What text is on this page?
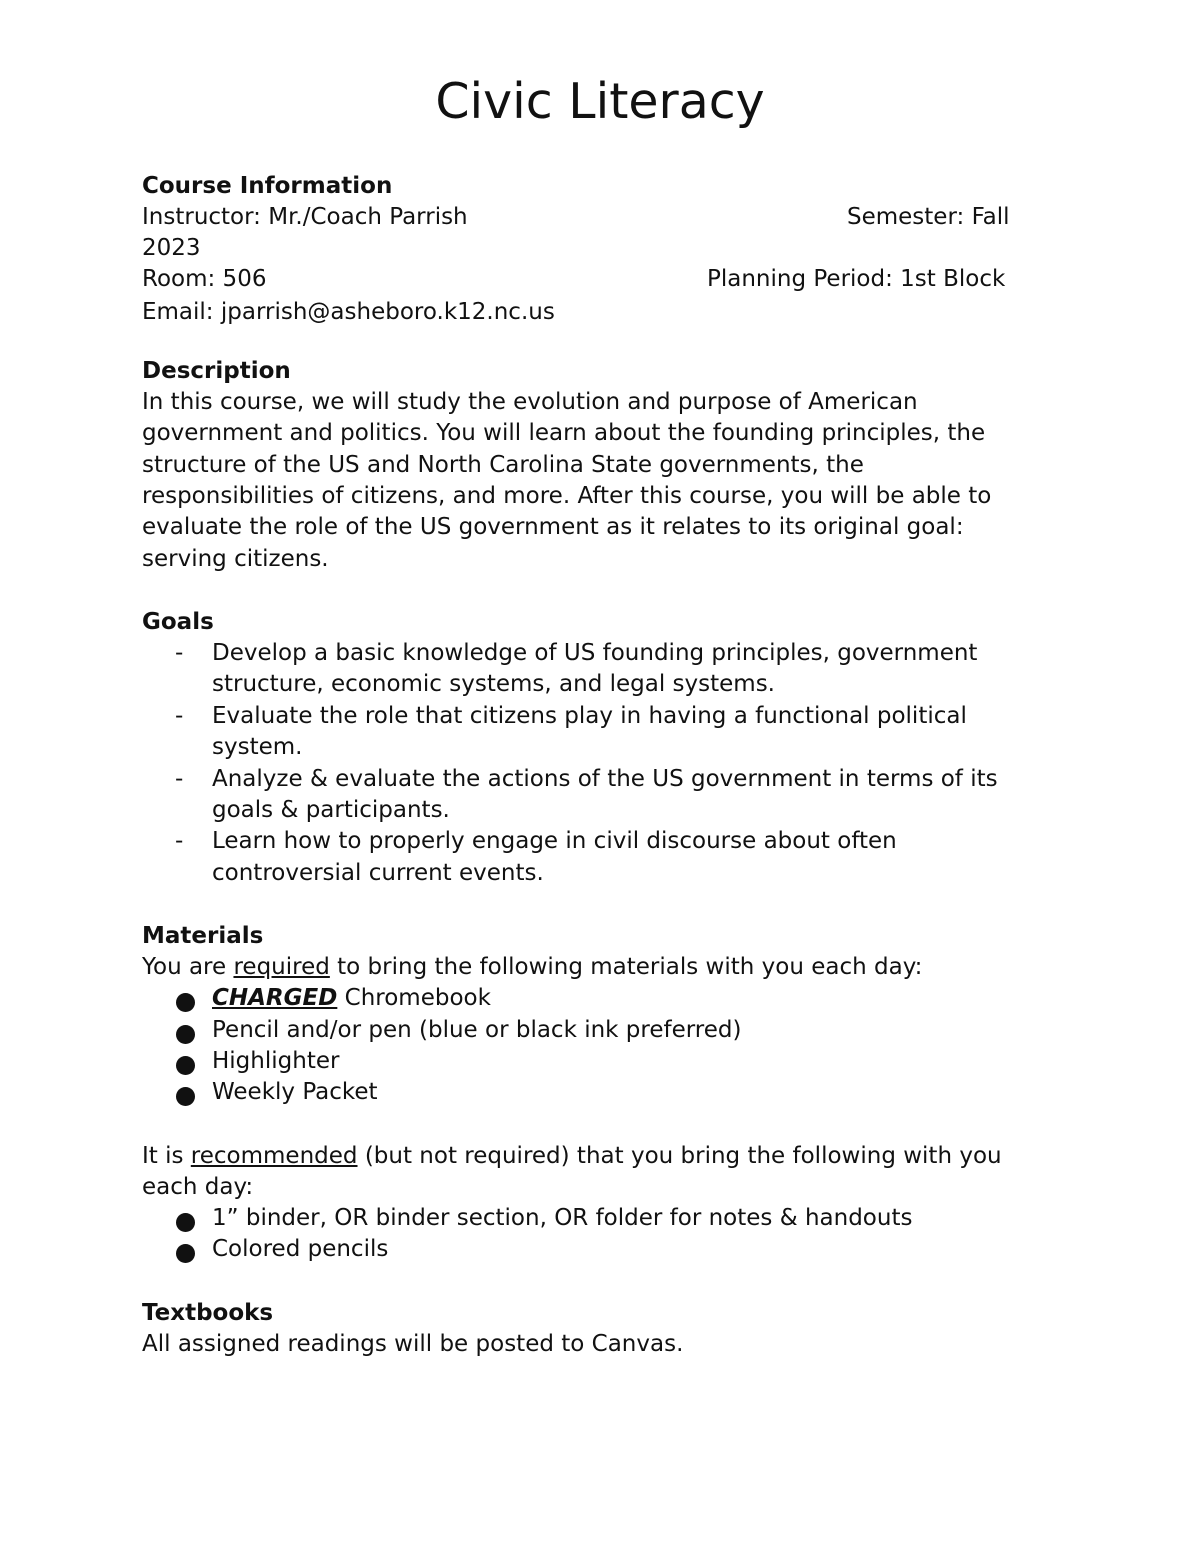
Civic Literacy
Course Information
Instructor: Mr./Coach Parrish	Semester: Fall
2023
Room: 506	Planning Period: 1st Block
Email: jparrish@asheboro.k12.nc.us
Description
In this course, we will study the evolution and purpose of American
government and politics. You will learn about the founding principles, the
structure of the US and North Carolina State governments, the
responsibilities of citizens, and more. After this course, you will be able to
evaluate the role of the US government as it relates to its original goal:
serving citizens.
Goals
- Develop a basic knowledge of US founding principles, government
structure, economic systems, and legal systems.
- Evaluate the role that citizens play in having a functional political
system.
- Analyze & evaluate the actions of the US government in terms of its
goals & participants.
- Learn how to properly engage in civil discourse about often
controversial current events.
Materials
You are required to bring the following materials with you each day:
CHARGED Chromebook
Pencil and/or pen (blue or black ink preferred)
Highlighter
Weekly Packet
It is recommended (but not required) that you bring the following with you
each day:
1” binder, OR binder section, OR folder for notes & handouts
Colored pencils
Textbooks
All assigned readings will be posted to Canvas.
